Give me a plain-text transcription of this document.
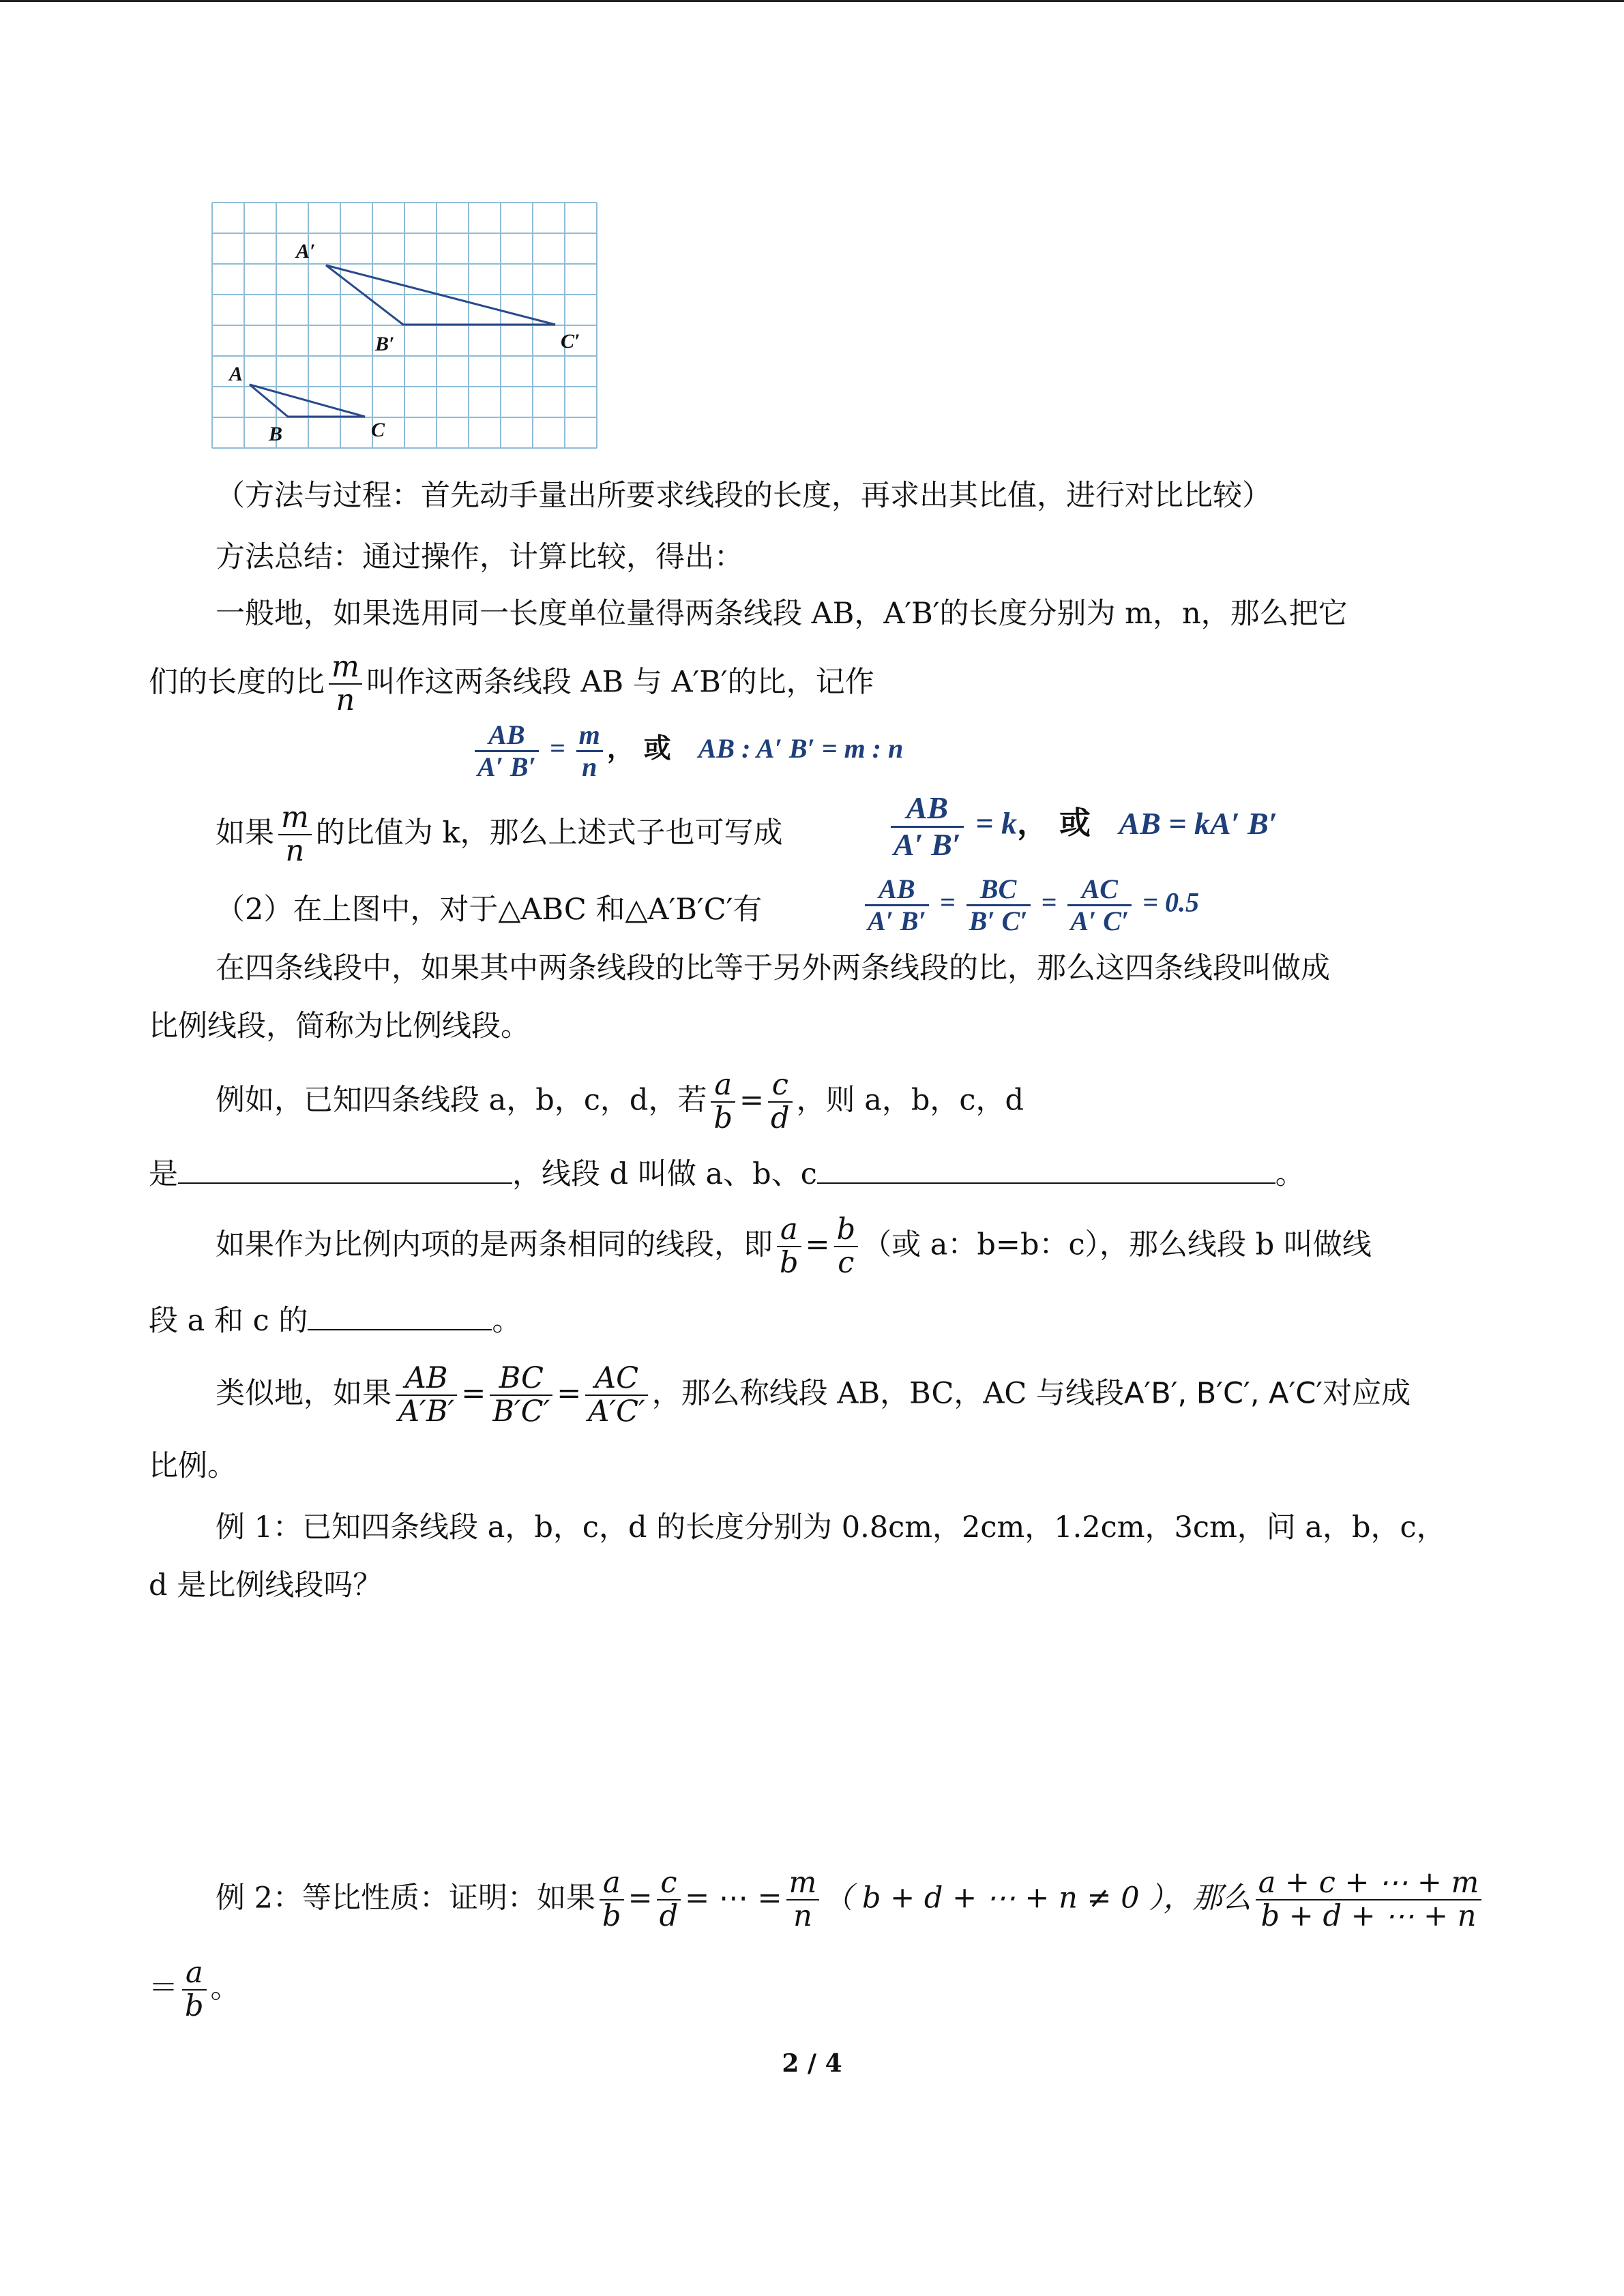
A′
B′	C′
A
B	C
（方法与过程：首先动手量出所要求线段的长度，再求出其比值，进行对比比较）
方法总结：通过操作，计算比较，得出：
一般地，如果选用同一长度单位量得两条线段 AB，A′B′的长度分别为 m，n，那么把它
们的长度的比 $\frac{m}{n}$ 叫作这两条线段 AB 与 A′B′的比，记作
$\frac{AB}{A' B'} = \frac{m}{n}$ ， 或 AB : A′ B′ = m : n
如果 $\frac{m}{n}$ 的比值为 k，那么上述式子也可写成	$\frac{AB}{A' B'} = k$， 或 AB = kA′ B′
（2）在上图中，对于△ABC 和△A′B′C′有	$\frac{AB}{A' B'} = \frac{BC}{B' C'} = \frac{AC}{A' C'} = 0.5$
在四条线段中，如果其中两条线段的比等于另外两条线段的比，那么这四条线段叫做成
比例线段，简称为比例线段。
例如，已知四条线段 a，b，c，d，若 $\frac{a}{b} = \frac{c}{d}$ ，则 a，b，c，d
是	，线段 d 叫做 a、b、c	。
如果作为比例内项的是两条相同的线段，即 $\frac{a}{b} = \frac{b}{c}$ （或 a：b=b：c），那么线段 b 叫做线
段 a 和 c 的	。
类似地，如果 $\frac{AB}{A'B'} = \frac{BC}{B'C'} = \frac{AC}{A'C'}$ ，那么称线段 AB，BC，AC 与线段A′B′, B′C′, A′C′对应成
比例。
例 1：已知四条线段 a，b，c，d 的长度分别为 0.8cm，2cm，1.2cm，3cm，问 a，b，c，
d 是比例线段吗？
例 2：等比性质：证明：如果 $\frac{a}{b} = \frac{c}{d}$ = ⋯ = $\frac{m}{n}$ （ b + d + ⋯ + n ≠ 0 ），那么 $\frac{a + c + \cdots + m}{b + d + \cdots + n}$
＝ $\frac{a}{b}$ 。
2 / 4
